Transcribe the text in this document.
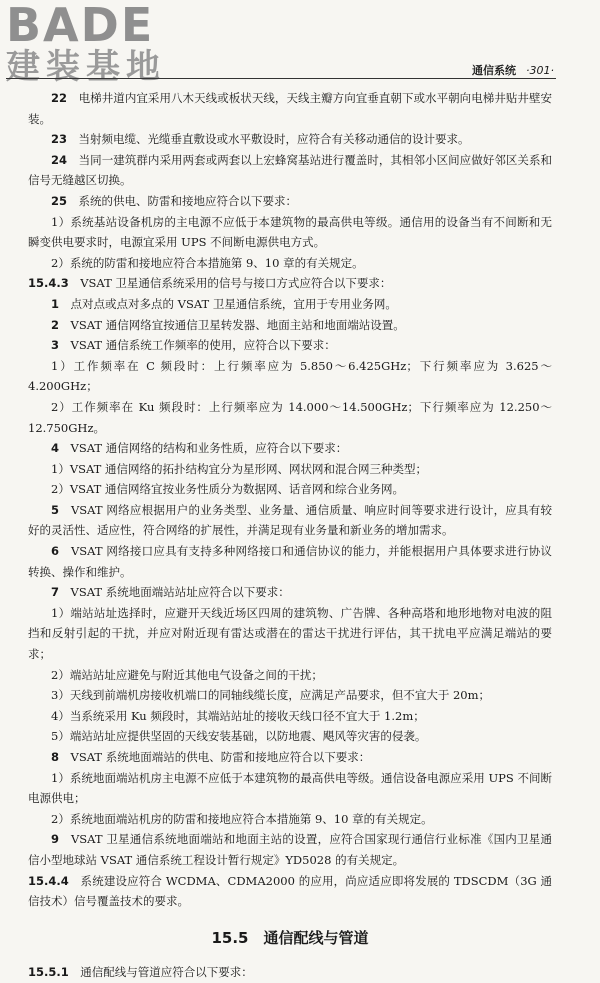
BADE
建装基地	通信系统 ·301·

22　 电梯井道内宜采用八木天线或板状天线，天线主瓣方向宜垂直朝下或水平朝向电梯井贴井壁安装。

23　 当射频电缆、光缆垂直敷设或水平敷设时，应符合有关移动通信的设计要求。

24　 当同一建筑群内采用两套或两套以上宏蜂窝基站进行覆盖时，其相邻小区间应做好邻区关系和信号无缝越区切换。

25　 系统的供电、防雷和接地应符合以下要求：

1）系统基站设备机房的主电源不应低于本建筑物的最高供电等级。通信用的设备当有不间断和无瞬变供电要求时，电源宜采用 UPS 不间断电源供电方式。

2）系统的防雷和接地应符合本措施第 9、10 章的有关规定。

15.4.3　 VSAT 卫星通信系统采用的信号与接口方式应符合以下要求：

1　 点对点或点对多点的 VSAT 卫星通信系统，宜用于专用业务网。

2　 VSAT 通信网络宜按通信卫星转发器、地面主站和地面端站设置。

3　 VSAT 通信系统工作频率的使用，应符合以下要求：

1）工作频率在 C 频段时：上行频率应为 5.850～6.425GHz；下行频率应为 3.625～4.200GHz；

2）工作频率在 Ku 频段时：上行频率应为 14.000～14.500GHz；下行频率应为 12.250～12.750GHz。

4　 VSAT 通信网络的结构和业务性质，应符合以下要求：

1）VSAT 通信网络的拓扑结构宜分为星形网、网状网和混合网三种类型；

2）VSAT 通信网络宜按业务性质分为数据网、话音网和综合业务网。

5　 VSAT 网络应根据用户的业务类型、业务量、通信质量、响应时间等要求进行设计，应具有较好的灵活性、适应性，符合网络的扩展性，并满足现有业务量和新业务的增加需求。

6　 VSAT 网络接口应具有支持多种网络接口和通信协议的能力，并能根据用户具体要求进行协议转换、操作和维护。

7　 VSAT 系统地面端站站址应符合以下要求：

1）端站站址选择时，应避开天线近场区四周的建筑物、广告牌、各种高塔和地形地物对电波的阻挡和反射引起的干扰，并应对附近现有雷达或潜在的雷达干扰进行评估，其干扰电平应满足端站的要求；

2）端站站址应避免与附近其他电气设备之间的干扰；

3）天线到前端机房接收机端口的同轴线缆长度，应满足产品要求，但不宜大于 20m；

4）当系统采用 Ku 频段时，其端站站址的接收天线口径不宜大于 1.2m；

5）端站站址应提供坚固的天线安装基础，以防地震、飓风等灾害的侵袭。

8　 VSAT 系统地面端站的供电、防雷和接地应符合以下要求：

1）系统地面端站机房主电源不应低于本建筑物的最高供电等级。通信设备电源应采用 UPS 不间断电源供电；

2）系统地面端站机房的防雷和接地应符合本措施第 9、10 章的有关规定。

9　 VSAT 卫星通信系统地面端站和地面主站的设置，应符合国家现行通信行业标准《国内卫星通信小型地球站 VSAT 通信系统工程设计暂行规定》YD5028 的有关规定。

15.4.4　 系统建设应符合 WCDMA、CDMA2000 的应用，尚应适应即将发展的 TDSCDM（3G 通信技术）信号覆盖技术的要求。

15.5　通信配线与管道

15.5.1　 通信配线与管道应符合以下要求：
